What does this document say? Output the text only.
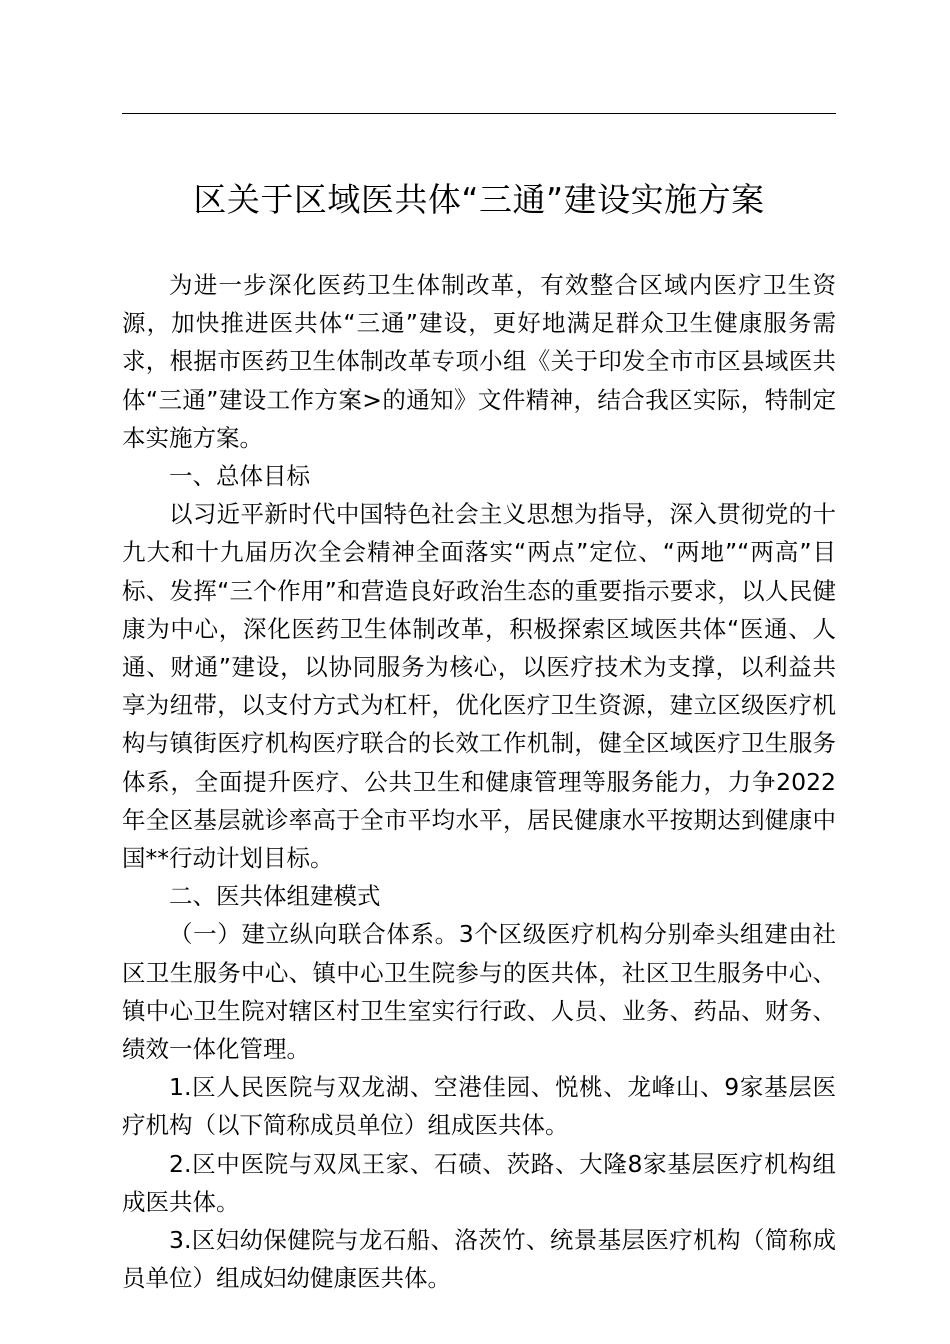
区关于区域医共体“三通”建设实施方案

为进一步深化医药卫生体制改革，有效整合区域内医疗卫生资源，加快推进医共体“三通”建设，更好地满足群众卫生健康服务需求，根据市医药卫生体制改革专项小组《关于印发全市市区县域医共体“三通”建设工作方案>的通知》文件精神，结合我区实际，特制定本实施方案。

一、总体目标

以习近平新时代中国特色社会主义思想为指导，深入贯彻党的十九大和十九届历次全会精神全面落实“两点”定位、“两地”“两高”目标、发挥“三个作用”和营造良好政治生态的重要指示要求，以人民健康为中心，深化医药卫生体制改革，积极探索区域医共体“医通、人通、财通”建设，以协同服务为核心，以医疗技术为支撑，以利益共享为纽带，以支付方式为杠杆，优化医疗卫生资源，建立区级医疗机构与镇街医疗机构医疗联合的长效工作机制，健全区域医疗卫生服务体系，全面提升医疗、公共卫生和健康管理等服务能力，力争2022年全区基层就诊率高于全市平均水平，居民健康水平按期达到健康中国**行动计划目标。

二、医共体组建模式

（一）建立纵向联合体系。3个区级医疗机构分别牵头组建由社区卫生服务中心、镇中心卫生院参与的医共体，社区卫生服务中心、镇中心卫生院对辖区村卫生室实行行政、人员、业务、药品、财务、绩效一体化管理。

1.区人民医院与双龙湖、空港佳园、悦桃、龙峰山、9家基层医疗机构（以下简称成员单位）组成医共体。

2.区中医院与双凤王家、石碛、茨路、大隆8家基层医疗机构组成医共体。

3.区妇幼保健院与龙石船、洛茨竹、统景基层医疗机构（简称成员单位）组成妇幼健康医共体。
